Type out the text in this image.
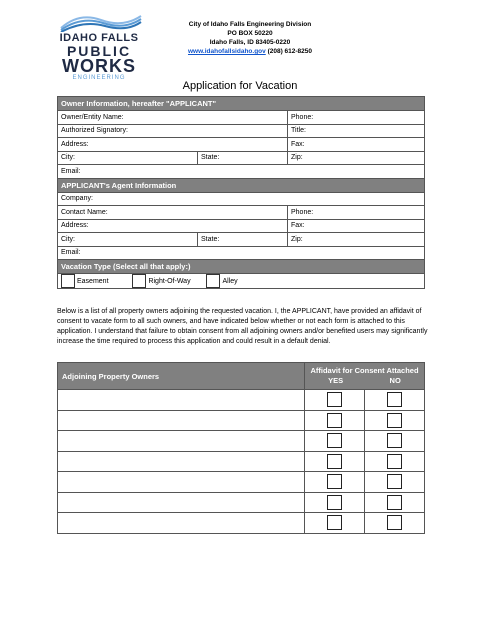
IDAHO FALLS
PUBLIC
WORKS
ENGINEERING
City of Idaho Falls Engineering Division
PO BOX 50220
Idaho Falls, ID 83405-0220
www.idahofallsidaho.gov (208) 612-8250
Application for Vacation
Owner Information, hereafter "APPLICANT"		
Owner/Entity Name:		Phone:
Authorized Signatory:		Title:
Address:		Fax:
City:	State:	Zip:
Email:		
APPLICANT's Agent Information		
Company:		
Contact Name:		Phone:
Address:		Fax:
City:	State:	Zip:
Email:		
Vacation Type (Select all that apply:)		
Easement Right-Of-Way Alley		
Below is a list of all property owners adjoining the requested vacation. I, the APPLICANT, have provided an affidavit of consent to vacate form to all such owners, and have indicated below whether or not each form is attached to this application. I understand that failure to obtain consent from all adjoining owners and/or benefited users may significantly increase the time required to process this application and could result in a default denial.
Adjoining Property Owners	Affidavit for Consent Attached
YES NO	
